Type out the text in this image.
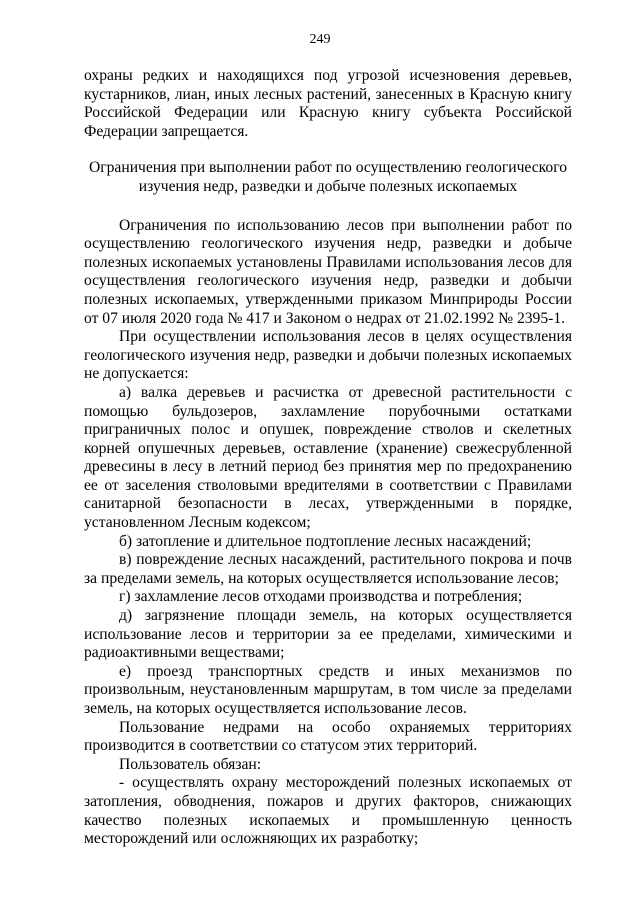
249

охраны редких и находящихся под угрозой исчезновения деревьев, кустарников, лиан, иных лесных растений, занесенных в Красную книгу Российской Федерации или Красную книгу субъекта Российской Федерации запрещается.

Ограничения при выполнении работ по осуществлению геологического изучения недр, разведки и добыче полезных ископаемых

Ограничения по использованию лесов при выполнении работ по осуществлению геологического изучения недр, разведки и добыче полезных ископаемых установлены Правилами использования лесов для осуществления геологического изучения недр, разведки и добычи полезных ископаемых, утвержденными приказом Минприроды России от 07 июля 2020 года № 417 и Законом о недрах от 21.02.1992 № 2395-1.

При осуществлении использования лесов в целях осуществления геологического изучения недр, разведки и добычи полезных ископаемых не допускается:

а) валка деревьев и расчистка от древесной растительности с помощью бульдозеров, захламление порубочными остатками приграничных полос и опушек, повреждение стволов и скелетных корней опушечных деревьев, оставление (хранение) свежесрубленной древесины в лесу в летний период без принятия мер по предохранению ее от заселения стволовыми вредителями в соответствии с Правилами санитарной безопасности в лесах, утвержденными в порядке, установленном Лесным кодексом;

б) затопление и длительное подтопление лесных насаждений;

в) повреждение лесных насаждений, растительного покрова и почв за пределами земель, на которых осуществляется использование лесов;

г) захламление лесов отходами производства и потребления;

д) загрязнение площади земель, на которых осуществляется использование лесов и территории за ее пределами, химическими и радиоактивными веществами;

е) проезд транспортных средств и иных механизмов по произвольным, неустановленным маршрутам, в том числе за пределами земель, на которых осуществляется использование лесов.

Пользование недрами на особо охраняемых территориях производится в соответствии со статусом этих территорий.

Пользователь обязан:

- осуществлять охрану месторождений полезных ископаемых от затопления, обводнения, пожаров и других факторов, снижающих качество полезных ископаемых и промышленную ценность месторождений или осложняющих их разработку;
